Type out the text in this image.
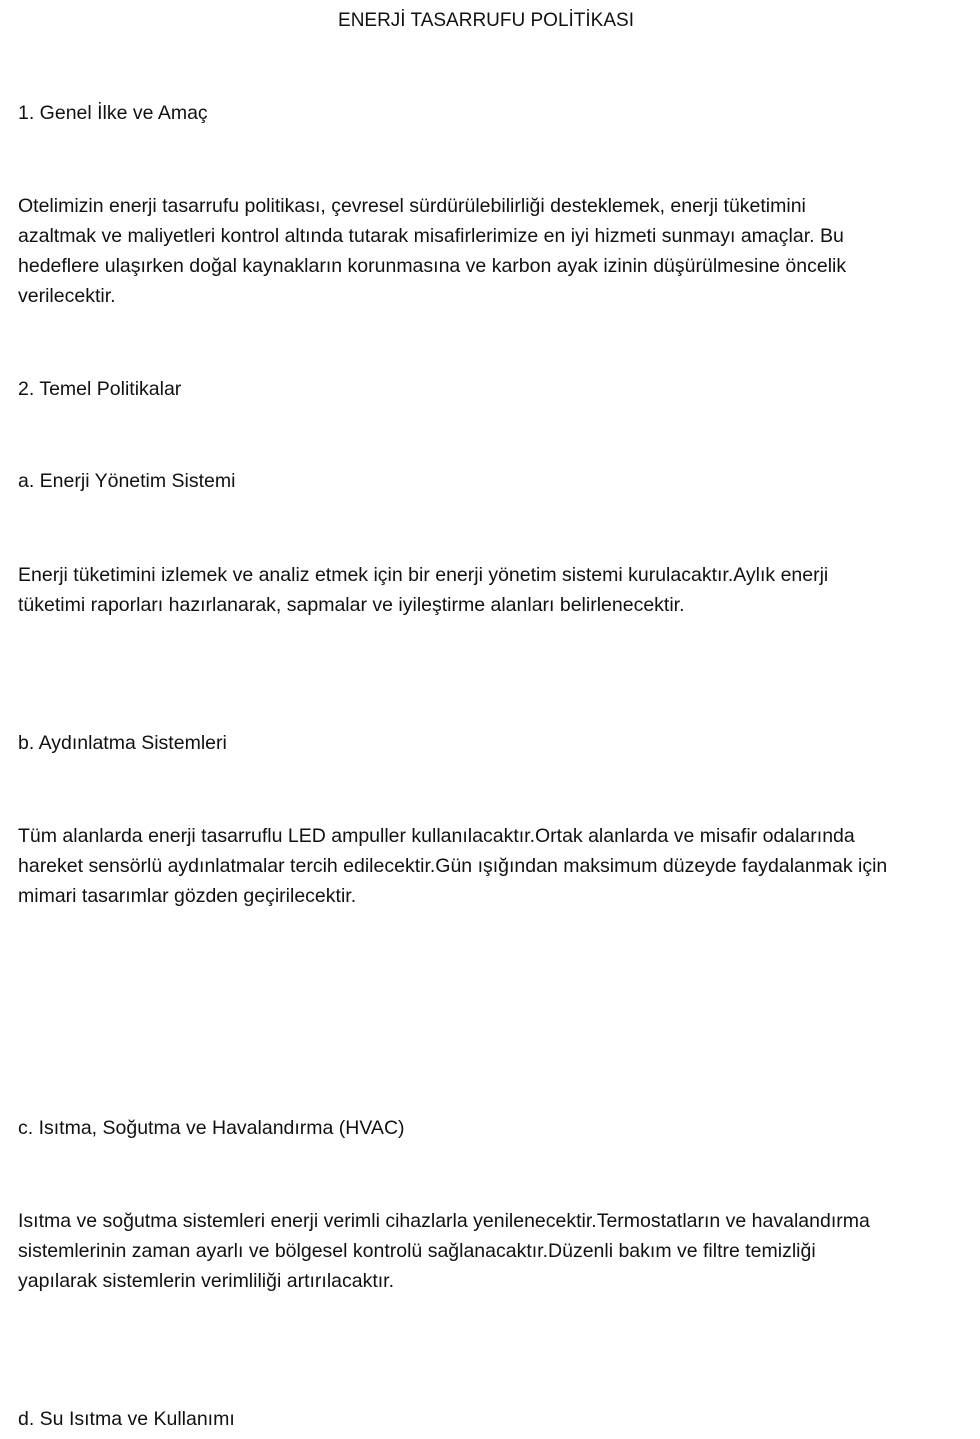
ENERJİ TASARRUFU POLİTİKASI
1. Genel İlke ve Amaç
Otelimizin enerji tasarrufu politikası, çevresel sürdürülebilirliği desteklemek, enerji tüketimini
azaltmak ve maliyetleri kontrol altında tutarak misafirlerimize en iyi hizmeti sunmayı amaçlar. Bu
hedeflere ulaşırken doğal kaynakların korunmasına ve karbon ayak izinin düşürülmesine öncelik
verilecektir.
2. Temel Politikalar
a. Enerji Yönetim Sistemi
Enerji tüketimini izlemek ve analiz etmek için bir enerji yönetim sistemi kurulacaktır.Aylık enerji
tüketimi raporları hazırlanarak, sapmalar ve iyileştirme alanları belirlenecektir.
b. Aydınlatma Sistemleri
Tüm alanlarda enerji tasarruflu LED ampuller kullanılacaktır.Ortak alanlarda ve misafir odalarında
hareket sensörlü aydınlatmalar tercih edilecektir.Gün ışığından maksimum düzeyde faydalanmak için
mimari tasarımlar gözden geçirilecektir.
c. Isıtma, Soğutma ve Havalandırma (HVAC)
Isıtma ve soğutma sistemleri enerji verimli cihazlarla yenilenecektir.Termostatların ve havalandırma
sistemlerinin zaman ayarlı ve bölgesel kontrolü sağlanacaktır.Düzenli bakım ve filtre temizliği
yapılarak sistemlerin verimliliği artırılacaktır.
d. Su Isıtma ve Kullanımı
